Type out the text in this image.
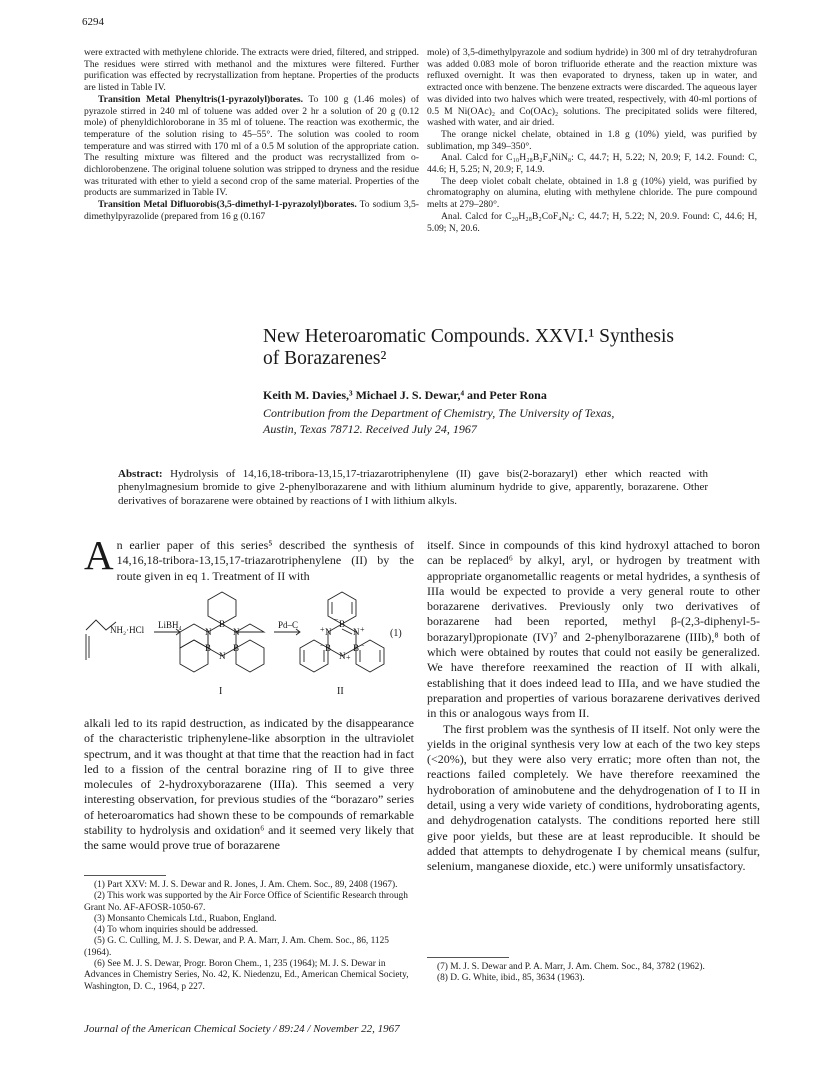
6294

were extracted with methylene chloride. The extracts were dried, filtered, and stripped. The residues were stirred with methanol and the mixtures were filtered. Further purification was effected by recrystallization from heptane. Properties of the products are listed in Table IV.

Transition Metal Phenyltris(1-pyrazolyl)borates. To 100 g (1.46 moles) of pyrazole stirred in 240 ml of toluene was added over 2 hr a solution of 20 g (0.12 mole) of phenyldichloroborane in 35 ml of toluene. The reaction was exothermic, the temperature of the solution rising to 45–55°. The solution was cooled to room temperature and was stirred with 170 ml of a 0.5 M solution of the appropriate cation. The resulting mixture was filtered and the product was recrystallized from o-dichlorobenzene. The original toluene solution was stripped to dryness and the residue was triturated with ether to yield a second crop of the same material. Properties of the products are summarized in Table IV.

Transition Metal Difluorobis(3,5-dimethyl-1-pyrazolyl)borates. To sodium 3,5-dimethylpyrazolide (prepared from 16 g (0.167

mole) of 3,5-dimethylpyrazole and sodium hydride) in 300 ml of dry tetrahydrofuran was added 0.083 mole of boron trifluoride etherate and the reaction mixture was refluxed overnight. It was then evaporated to dryness, taken up in water, and extracted once with benzene. The benzene extracts were discarded. The aqueous layer was divided into two halves which were treated, respectively, with 40-ml portions of 0.5 M Ni(OAc)₂ and Co(OAc)₂ solutions. The precipitated solids were filtered, washed with water, and air dried.

The orange nickel chelate, obtained in 1.8 g (10%) yield, was purified by sublimation, mp 349–350°.

Anal. Calcd for C₁₀H₂₈B₂F₄NiN₈: C, 44.7; H, 5.22; N, 20.9; F, 14.2. Found: C, 44.6; H, 5.25; N, 20.9; F, 14.9.

The deep violet cobalt chelate, obtained in 1.8 g (10%) yield, was purified by chromatography on alumina, eluting with methylene chloride. The pure compound melts at 279–280°.

Anal. Calcd for C₂₀H₂₈B₂CoF₄N₈: C, 44.7; H, 5.22; N, 20.9. Found: C, 44.6; H, 5.09; N, 20.6.

New Heteroaromatic Compounds. XXVI.¹ Synthesis
of Borazarenes²
Keith M. Davies,³ Michael J. S. Dewar,⁴ and Peter Rona
Contribution from the Department of Chemistry, The University of Texas,
Austin, Texas 78712. Received July 24, 1967
Abstract: Hydrolysis of 14,16,18-tribora-13,15,17-triazarotriphenylene (II) gave bis(2-borazaryl) ether which reacted with phenylmagnesium bromide to give 2-phenylborazarene and with lithium aluminum hydride to give, apparently, borazarene. Other derivatives of borazarene were obtained by reactions of I with lithium alkyls.

An earlier paper of this series⁵ described the synthesis of 14,16,18-tribora-13,15,17-triazarotriphenylene (II) by the route given in eq 1. Treatment of II with

NH₂·HCl LiBH₄	Pd–C
(1)
B
N
B
N
B
N
B
N
B
N
B
N
−
+
−
+
−
+
I	II

alkali led to its rapid destruction, as indicated by the disappearance of the characteristic triphenylene-like absorption in the ultraviolet spectrum, and it was thought at that time that the reaction had in fact led to a fission of the central borazine ring of II to give three molecules of 2-hydroxyborazarene (IIIa). This seemed a very interesting observation, for previous studies of the “borazaro” series of heteroaromatics had shown these to be compounds of remarkable stability to hydrolysis and oxidation⁶ and it seemed very likely that the same would prove true of borazarene

itself. Since in compounds of this kind hydroxyl attached to boron can be replaced⁶ by alkyl, aryl, or hydrogen by treatment with appropriate organometallic reagents or metal hydrides, a synthesis of IIIa would be expected to provide a very general route to other borazarene derivatives. Previously only two derivatives of borazarene had been reported, methyl β-(2,3-diphenyl-5-borazaryl)propionate (IV)⁷ and 2-phenylborazarene (IIIb),⁸ both of which were obtained by routes that could not easily be generalized. We have therefore reexamined the reaction of II with alkali, establishing that it does indeed lead to IIIa, and we have studied the preparation and properties of various borazarene derivatives derived in this or analogous ways from II.

The first problem was the synthesis of II itself. Not only were the yields in the original synthesis very low at each of the two key steps (<20%), but they were also very erratic; more often than not, the reactions failed completely. We have therefore reexamined the hydroboration of aminobutene and the dehydrogenation of I to II in detail, using a very wide variety of conditions, hydroborating agents, and dehydrogenation catalysts. The conditions reported here still give poor yields, but these are at least reproducible. It should be added that attempts to dehydrogenate I by chemical means (sulfur, selenium, manganese dioxide, etc.) were uniformly unsatisfactory.

(1) Part XXV: M. J. S. Dewar and R. Jones, J. Am. Chem. Soc., 89, 2408 (1967).

(2) This work was supported by the Air Force Office of Scientific Research through Grant No. AF-AFOSR-1050-67.

(3) Monsanto Chemicals Ltd., Ruabon, England.

(4) To whom inquiries should be addressed.

(5) G. C. Culling, M. J. S. Dewar, and P. A. Marr, J. Am. Chem. Soc., 86, 1125 (1964).

(6) See M. J. S. Dewar, Progr. Boron Chem., 1, 235 (1964); M. J. S. Dewar in Advances in Chemistry Series, No. 42, K. Niedenzu, Ed., American Chemical Society, Washington, D. C., 1964, p 227.

(7) M. J. S. Dewar and P. A. Marr, J. Am. Chem. Soc., 84, 3782 (1962).

(8) D. G. White, ibid., 85, 3634 (1963).

Journal of the American Chemical Society / 89:24 / November 22, 1967
